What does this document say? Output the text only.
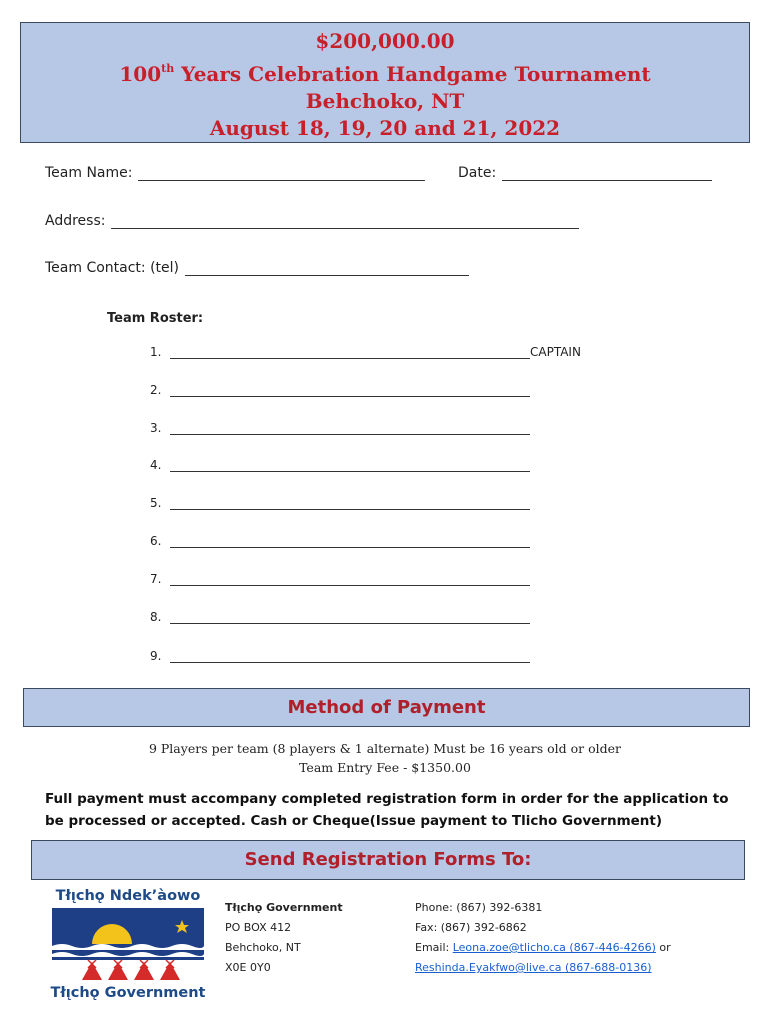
$200,000.00
100th Years Celebration Handgame Tournament
Behchoko, NT
August 18, 19, 20 and 21, 2022
Team Name:	Date:
Address:
Team Contact: (tel)
Team Roster:
1.	CAPTAIN
2.
3.
4.
5.
6.
7.
8.
9.
Method of Payment
9 Players per team (8 players & 1 alternate) Must be 16 years old or older
Team Entry Fee - $1350.00
Full payment must accompany completed registration form in order for the application to be processed or accepted. Cash or Cheque(Issue payment to Tlicho Government)
Send Registration Forms To:
Tłı̨chǫ Ndek’àowo
Tłı̨chǫ Government
Tłı̨chǫ Government
PO BOX 412
Behchoko, NT
X0E 0Y0
Phone: (867) 392-6381
Fax: (867) 392-6862
Email: Leona.zoe@tlicho.ca (867-446-4266) or
Reshinda.Eyakfwo@live.ca (867-688-0136)
